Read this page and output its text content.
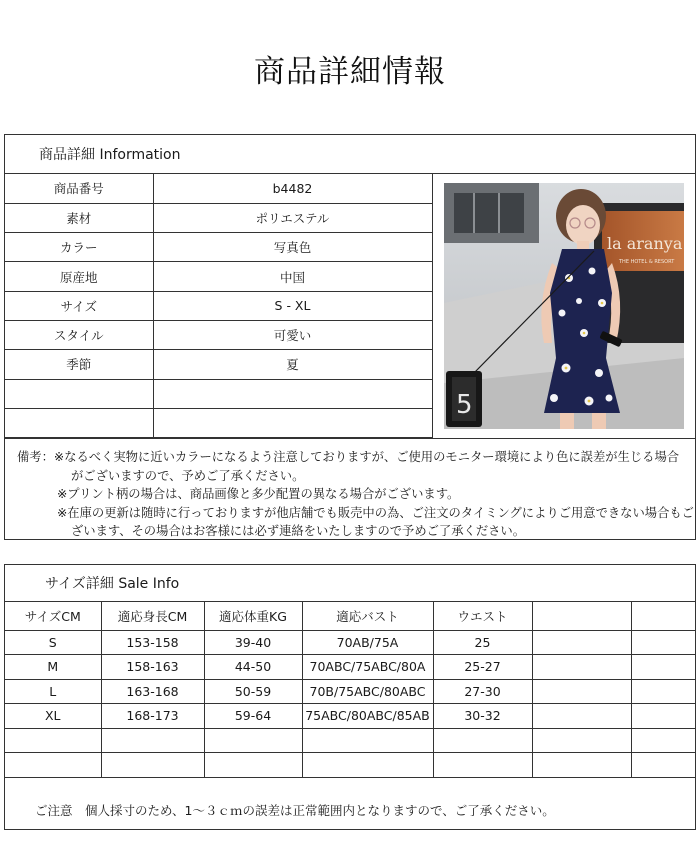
商品詳細情報
商品詳細 Information
商品番号	b4482
素材	ポリエステル
カラー	写真色
原産地	中国
サイズ	S - XL
スタイル	可愛い
季節	夏

la aranya
THE HOTEL & RESORT
5
備考：※なるべく実物に近いカラーになるよう注意しておりますが、ご使用のモニター環境により色に誤差が生じる場合
がございますので、予めご了承ください。
※プリント柄の場合は、商品画像と多少配置の異なる場合がございます。
※在庫の更新は随時に行っておりますが他店舗でも販売中の為、ご注文のタイミングによりご用意できない場合もご
ざいます、その場合はお客様には必ず連絡をいたしますので予めご了承ください。
サイズ詳細 Sale Info
サイズCM	適応身長CM	適応体重KG	適応バスト	ウエスト		
S	153-158	39-40	70AB/75A	25		
M	158-163	44-50	70ABC/75ABC/80A	25-27		
L	163-168	50-59	70B/75ABC/80ABC	27-30		
XL	168-173	59-64	75ABC/80ABC/85AB	30-32		

ご注意　個人採寸のため、1～３ｃｍの誤差は正常範囲内となりますので、ご了承ください。
